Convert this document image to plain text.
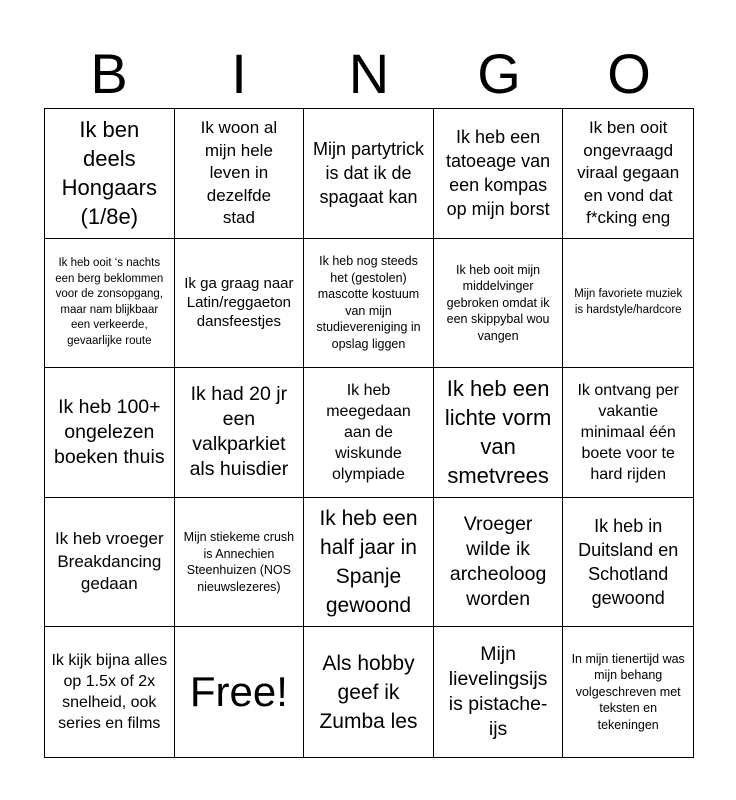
B	I	N	G	O
Ik ben deels Hongaars (1/8e)
Ik woon al mijn hele leven in dezelfde stad
Mijn partytrick is dat ik de spagaat kan
Ik heb een tatoeage van een kompas op mijn borst
Ik ben ooit ongevraagd viraal gegaan en vond dat f*cking eng
Ik heb ooit ‘s nachts een berg beklommen voor de zonsopgang, maar nam blijkbaar een verkeerde, gevaarlijke route
Ik ga graag naar Latin/reggaeton dansfeestjes
Ik heb nog steeds het (gestolen) mascotte kostuum van mijn studievereniging in opslag liggen
Ik heb ooit mijn middelvinger gebroken omdat ik een skippybal wou vangen
Mijn favoriete muziek is hardstyle/hardcore
Ik heb 100+ ongelezen boeken thuis
Ik had 20 jr een valkparkiet als huisdier
Ik heb meegedaan aan de wiskunde olympiade
Ik heb een lichte vorm van smetvrees
Ik ontvang per vakantie minimaal één boete voor te hard rijden
Ik heb vroeger Breakdancing gedaan
Mijn stiekeme crush is Annechien Steenhuizen (NOS nieuwslezeres)
Ik heb een half jaar in Spanje gewoond
Vroeger wilde ik archeoloog worden
Ik heb in Duitsland en Schotland gewoond
Ik kijk bijna alles op 1.5x of 2x snelheid, ook series en films
Free!
Als hobby geef ik Zumba les
Mijn lievelingsijs is pistache-ijs
In mijn tienertijd was mijn behang volgeschreven met teksten en tekeningen
